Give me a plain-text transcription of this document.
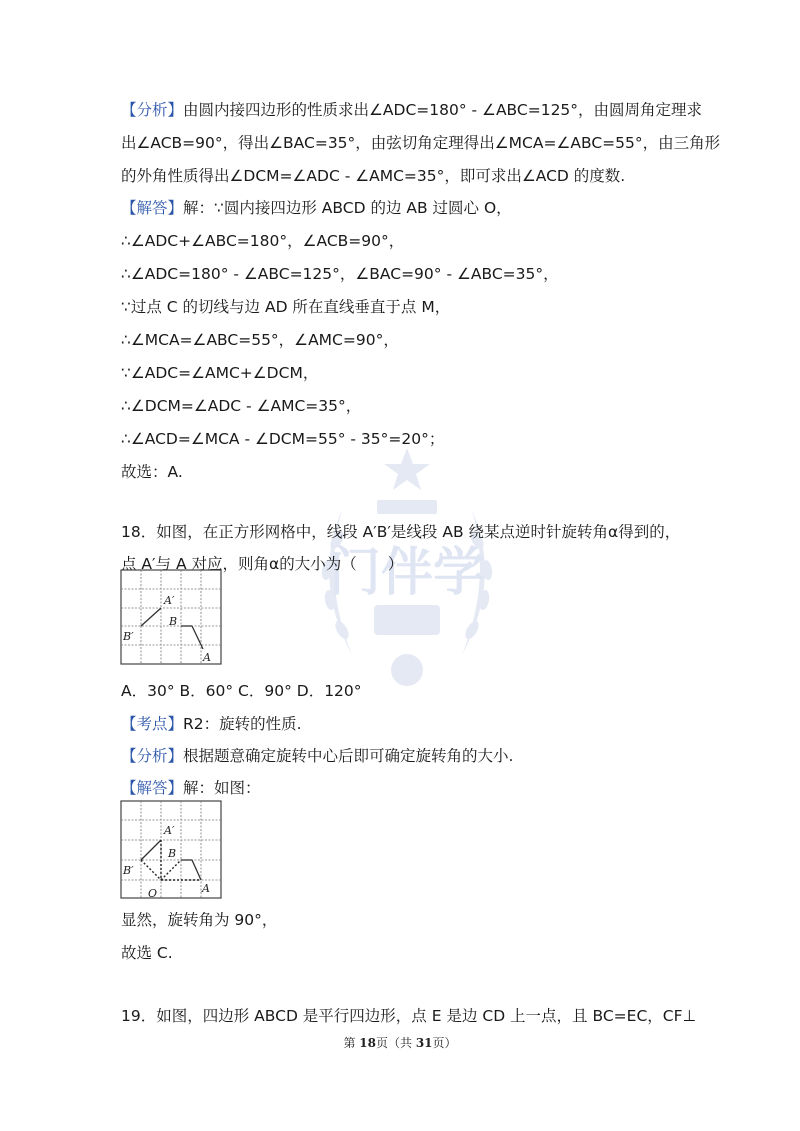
门伴学
【分析】由圆内接四边形的性质求出∠ADC=180° - ∠ABC=125°，由圆周角定理求
出∠ACB=90°，得出∠BAC=35°，由弦切角定理得出∠MCA=∠ABC=55°，由三角形
的外角性质得出∠DCM=∠ADC - ∠AMC=35°，即可求出∠ACD 的度数.
【解答】解：∵圆内接四边形 ABCD 的边 AB 过圆心 O，
∴∠ADC+∠ABC=180°，∠ACB=90°，
∴∠ADC=180° - ∠ABC=125°，∠BAC=90° - ∠ABC=35°，
∵过点 C 的切线与边 AD 所在直线垂直于点 M，
∴∠MCA=∠ABC=55°，∠AMC=90°，
∵∠ADC=∠AMC+∠DCM，
∴∠DCM=∠ADC - ∠AMC=35°，
∴∠ACD=∠MCA - ∠DCM=55° - 35°=20°；
故选：A.
18．如图，在正方形网格中，线段 A′B′是线段 AB 绕某点逆时针旋转角α得到的，
点 A′与 A 对应，则角α的大小为（　　）
A′
B
B′
A
A．30° B．60° C．90° D．120°
【考点】R2：旋转的性质.
【分析】根据题意确定旋转中心后即可确定旋转角的大小.
【解答】解：如图：
A′
B
B′
A
O
显然，旋转角为 90°，
故选 C.
19．如图，四边形 ABCD 是平行四边形，点 E 是边 CD 上一点，且 BC=EC，CF⊥
第 18页（共 31页）
